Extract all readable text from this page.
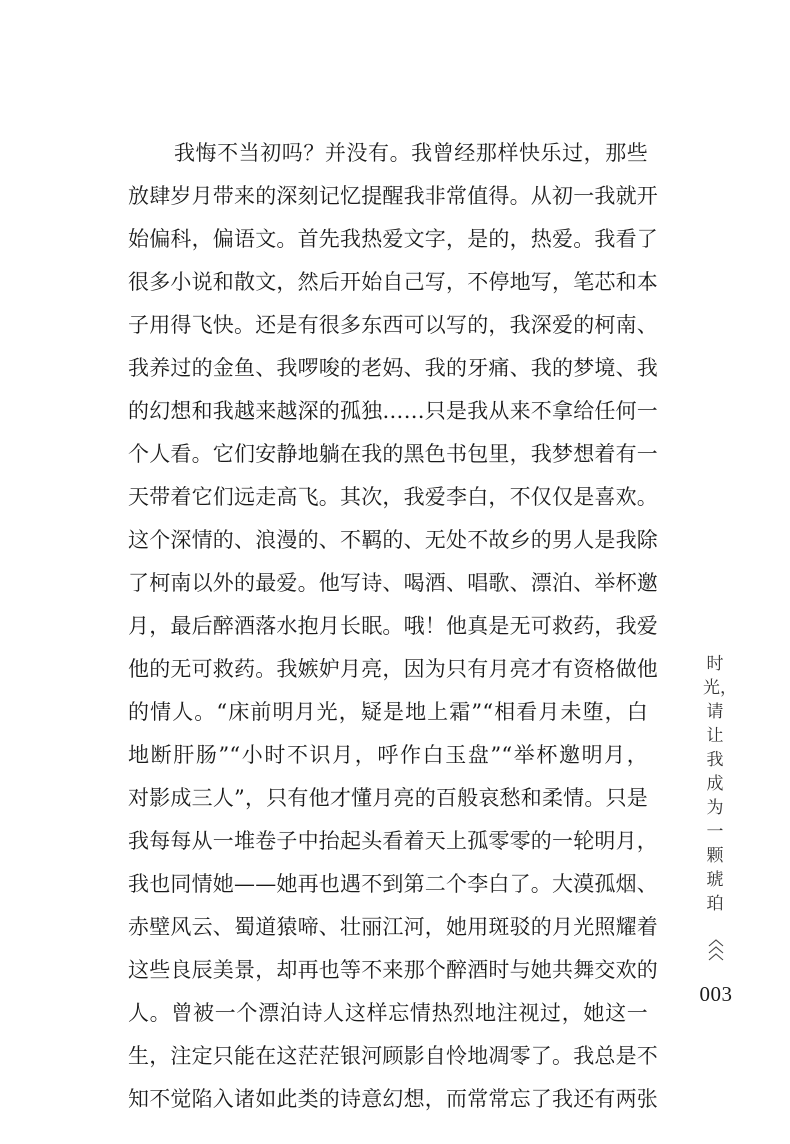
我悔不当初吗？并没有。我曾经那样快乐过，那些
放肆岁月带来的深刻记忆提醒我非常值得。从初一我就开
始偏科，偏语文。首先我热爱文字，是的，热爱。我看了
很多小说和散文，然后开始自己写，不停地写，笔芯和本
子用得飞快。还是有很多东西可以写的，我深爱的柯南、
我养过的金鱼、我啰唆的老妈、我的牙痛、我的梦境、我
的幻想和我越来越深的孤独……只是我从来不拿给任何一
个人看。它们安静地躺在我的黑色书包里，我梦想着有一
天带着它们远走高飞。其次，我爱李白，不仅仅是喜欢。
这个深情的、浪漫的、不羁的、无处不故乡的男人是我除
了柯南以外的最爱。他写诗、喝酒、唱歌、漂泊、举杯邀
月，最后醉酒落水抱月长眠。哦！他真是无可救药，我爱
他的无可救药。我嫉妒月亮，因为只有月亮才有资格做他
的情人。“床前明月光，疑是地上霜”“相看月未堕，白
地断肝肠”“小时不识月，呼作白玉盘”“举杯邀明月，
对影成三人”，只有他才懂月亮的百般哀愁和柔情。只是
我每每从一堆卷子中抬起头看着天上孤零零的一轮明月，
我也同情她——她再也遇不到第二个李白了。大漠孤烟、
赤壁风云、蜀道猿啼、壮丽江河，她用斑驳的月光照耀着
这些良辰美景，却再也等不来那个醉酒时与她共舞交欢的
人。曾被一个漂泊诗人这样忘情热烈地注视过，她这一
生，注定只能在这茫茫银河顾影自怜地凋零了。我总是不
知不觉陷入诸如此类的诗意幻想，而常常忘了我还有两张
时光，请让我成为一颗琥珀
003
